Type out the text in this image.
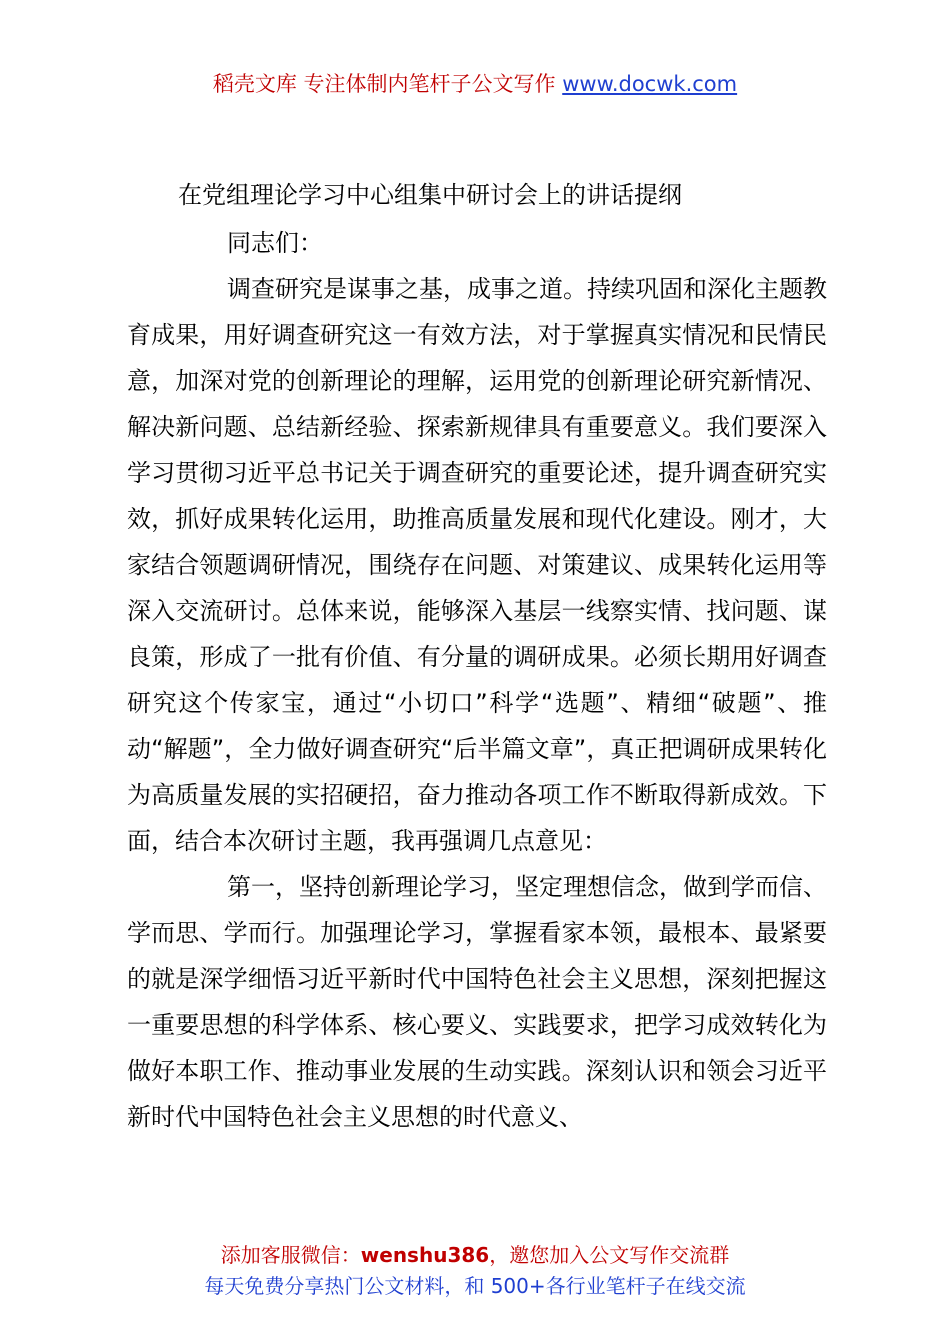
稻壳文库 专注体制内笔杆子公文写作 www.docwk.com
在党组理论学习中心组集中研讨会上的讲话提纲

同志们：

调查研究是谋事之基，成事之道。持续巩固和深化主题教育成果，用好调查研究这一有效方法，对于掌握真实情况和民情民意，加深对党的创新理论的理解，运用党的创新理论研究新情况、解决新问题、总结新经验、探索新规律具有重要意义。我们要深入学习贯彻习近平总书记关于调查研究的重要论述，提升调查研究实效，抓好成果转化运用，助推高质量发展和现代化建设。刚才，大家结合领题调研情况，围绕存在问题、对策建议、成果转化运用等深入交流研讨。总体来说，能够深入基层一线察实情、找问题、谋良策，形成了一批有价值、有分量的调研成果。必须长期用好调查研究这个传家宝，通过“小切口”科学“选题”、精细“破题”、推动“解题”，全力做好调查研究“后半篇文章”，真正把调研成果转化为高质量发展的实招硬招，奋力推动各项工作不断取得新成效。下面，结合本次研讨主题，我再强调几点意见：

第一，坚持创新理论学习，坚定理想信念，做到学而信、学而思、学而行。加强理论学习，掌握看家本领，最根本、最紧要的就是深学细悟习近平新时代中国特色社会主义思想，深刻把握这一重要思想的科学体系、核心要义、实践要求，把学习成效转化为做好本职工作、推动事业发展的生动实践。深刻认识和领会习近平新时代中国特色社会主义思想的时代意义、

添加客服微信：wenshu386，邀您加入公文写作交流群
每天免费分享热门公文材料，和 500+各行业笔杆子在线交流
